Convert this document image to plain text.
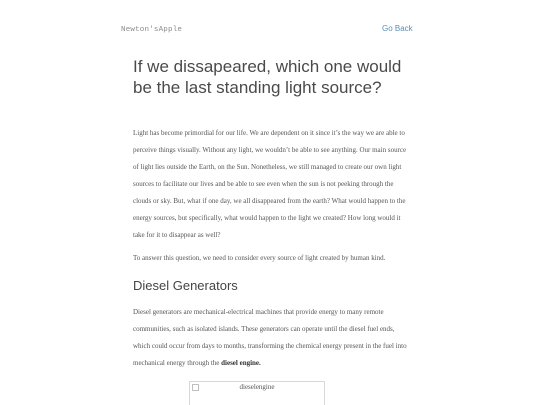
Newton'sApple	Go Back
If we dissapeared, which one would be the last standing light source?

Light has become primordial for our life. We are dependent on it since it’s the way we are able to perceive things visually. Without any light, we wouldn’t be able to see anything. Our main source of light lies outside the Earth, on the Sun. Nonetheless, we still managed to create our own light sources to facilitate our lives and be able to see even when the sun is not peeking through the clouds or sky. But, what if one day, we all disappeared from the earth? What would happen to the energy sources, but specifically, what would happen to the light we created? How long would it take for it to disappear as well?

To answer this question, we need to consider every source of light created by human kind.

Diesel Generators

Diesel generators are mechanical-electrical machines that provide energy to many remote communities, such as isolated islands. These generators can operate until the diesel fuel ends, which could occur from days to months, transforming the chemical energy present in the fuel into mechanical energy through the diesel engine.

dieselengine
